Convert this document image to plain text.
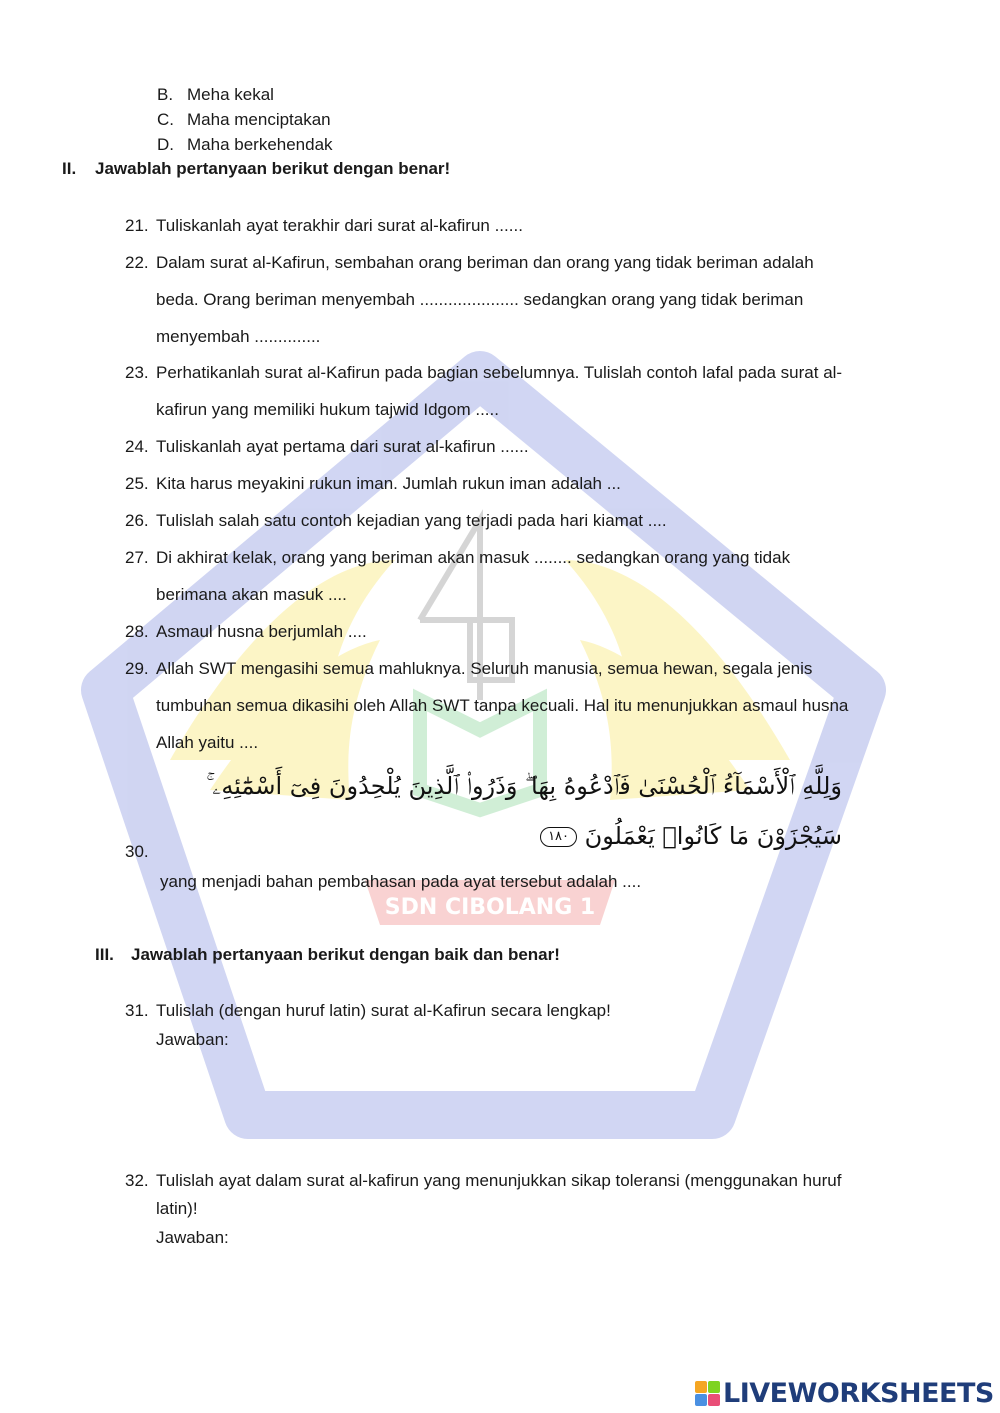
SDN CIBOLANG 1
B. Meha kekal
C. Maha menciptakan
D. Maha berkehendak
II. Jawablah pertanyaan berikut dengan benar!
21. Tuliskanlah ayat terakhir dari surat al-kafirun ......
22. Dalam surat al-Kafirun, sembahan orang beriman dan orang yang tidak beriman adalah
beda. Orang beriman menyembah ..................... sedangkan orang yang tidak beriman
menyembah ..............
23. Perhatikanlah surat al-Kafirun pada bagian sebelumnya. Tulislah contoh lafal pada surat al-
kafirun yang memiliki hukum tajwid Idgom .....
24. Tuliskanlah ayat pertama dari surat al-kafirun ......
25. Kita harus meyakini rukun iman. Jumlah rukun iman adalah ...
26. Tulislah salah satu contoh kejadian yang terjadi pada hari kiamat ....
27. Di akhirat kelak, orang yang beriman akan masuk ........ sedangkan orang yang tidak
berimana akan masuk ....
28. Asmaul husna berjumlah ....
29. Allah SWT mengasihi semua mahluknya. Seluruh manusia, semua hewan, segala jenis
tumbuhan semua dikasihi oleh Allah SWT tanpa kecuali. Hal itu menunjukkan asmaul husna
Allah yaitu ....
وَلِلَّهِ ٱلْأَسْمَآءُ ٱلْحُسْنَىٰ فَٱدْعُوهُ بِهَا ۖ وَذَرُوا۟ ٱلَّذِينَ يُلْحِدُونَ فِىٓ أَسْمَٰٓئِهِۦ ۚ
سَيُجْزَوْنَ مَا كَانُوا۟ يَعْمَلُونَ ١٨٠
30.
yang menjadi bahan pembahasan pada ayat tersebut adalah ....
III. Jawablah pertanyaan berikut dengan baik dan benar!
31. Tulislah (dengan huruf latin) surat al-Kafirun secara lengkap!
Jawaban:
32. Tulislah ayat dalam surat al-kafirun yang menunjukkan sikap toleransi (menggunakan huruf
latin)!
Jawaban:
LIVEWORKSHEETS
